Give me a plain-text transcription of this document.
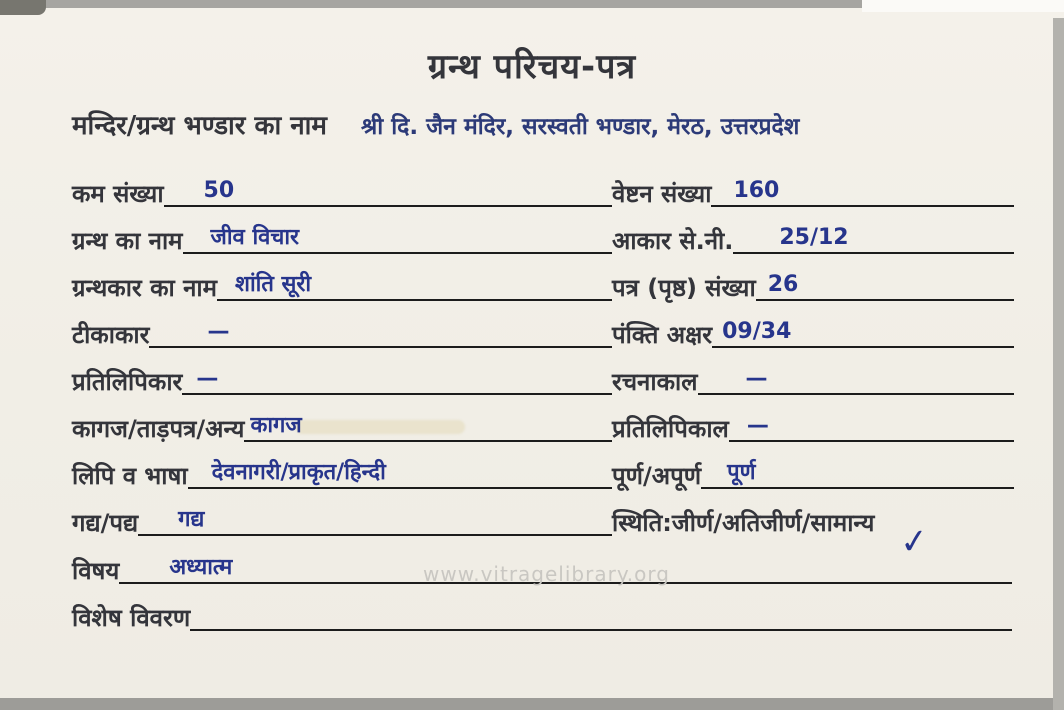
ग्रन्थ परिचय-पत्र
मन्दिर/ग्रन्थ भण्डार का नाम श्री दि. जैन मंदिर, सरस्वती भण्डार, मेरठ, उत्तरप्रदेश
कम संख्या	50
ग्रन्थ का नाम	जीव विचार
ग्रन्थकार का नाम शांति सूरी
टीकाकार	—
प्रतिलिपिकार —
कागज/ताड़पत्र/अन्य कागज
लिपि व भाषा	देवनागरी/प्राकृत/हिन्दी
गद्य/पद्य	गद्य
वेष्टन संख्या	160
आकार से.नी.	25/12
पत्र (पृष्ठ) संख्या 26
पंक्ति अक्षर 09/34
रचनाकाल	—
प्रतिलिपिकाल —
पूर्ण/अपूर्ण	पूर्ण
स्थिति:जीर्ण/अतिजीर्ण/सामान्य ✓
विषय	अध्यात्म
विशेष विवरण
www.vitragelibrary.org
